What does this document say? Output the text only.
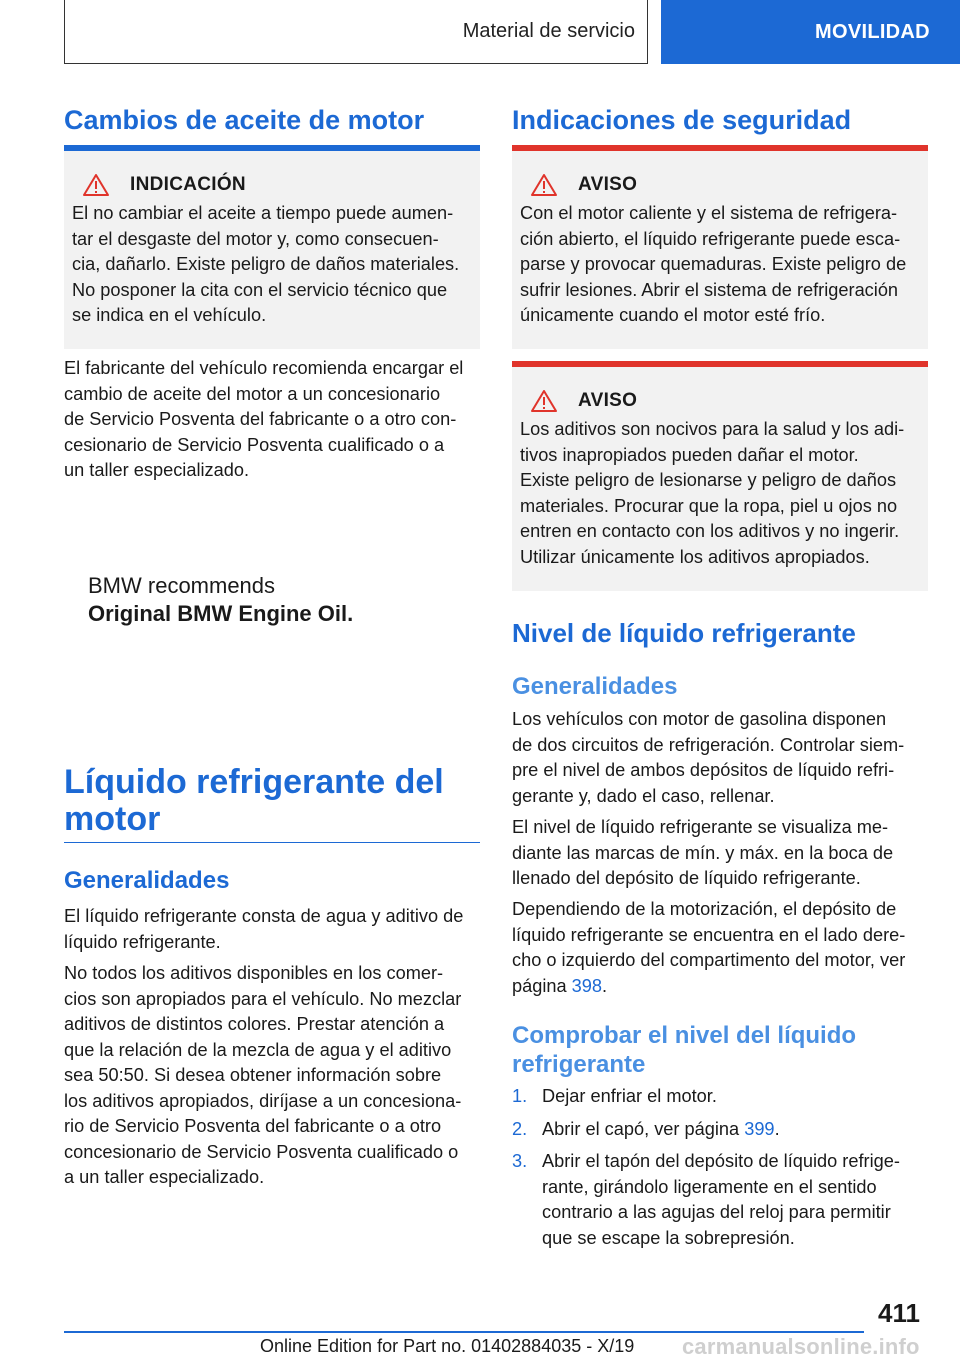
Material de servicio	MOVILIDAD
Cambios de aceite de motor
INDICACIÓN

El no cambiar el aceite a tiempo puede aumen-

tar el desgaste del motor y, como consecuen-

cia, dañarlo. Existe peligro de daños materiales.

No posponer la cita con el servicio técnico que

se indica en el vehículo.

El fabricante del vehículo recomienda encargar el

cambio de aceite del motor a un concesionario

de Servicio Posventa del fabricante o a otro con-

cesionario de Servicio Posventa cualificado o a

un taller especializado.

Líquido refrigerante del
motor
Generalidades

El líquido refrigerante consta de agua y aditivo de

líquido refrigerante.

No todos los aditivos disponibles en los comer-

cios son apropiados para el vehículo. No mezclar

aditivos de distintos colores. Prestar atención a

que la relación de la mezcla de agua y el aditivo

sea 50:50. Si desea obtener información sobre

los aditivos apropiados, diríjase a un concesiona-

rio de Servicio Posventa del fabricante o a otro

concesionario de Servicio Posventa cualificado o

a un taller especializado.

BMW recommends
Original BMW Engine Oil.
Indicaciones de seguridad
AVISO

Con el motor caliente y el sistema de refrigera-

ción abierto, el líquido refrigerante puede esca-

parse y provocar quemaduras. Existe peligro de

sufrir lesiones. Abrir el sistema de refrigeración

únicamente cuando el motor esté frío.

AVISO

Los aditivos son nocivos para la salud y los adi-

tivos inapropiados pueden dañar el motor.

Existe peligro de lesionarse y peligro de daños

materiales. Procurar que la ropa, piel u ojos no

entren en contacto con los aditivos y no ingerir.

Utilizar únicamente los aditivos apropiados.

Nivel de líquido refrigerante
Generalidades

Los vehículos con motor de gasolina disponen

de dos circuitos de refrigeración. Controlar siem-

pre el nivel de ambos depósitos de líquido refri-

gerante y, dado el caso, rellenar.

El nivel de líquido refrigerante se visualiza me-

diante las marcas de mín. y máx. en la boca de

llenado del depósito de líquido refrigerante.

Dependiendo de la motorización, el depósito de

líquido refrigerante se encuentra en el lado dere-

cho o izquierdo del compartimento del motor, ver

página 398.

Comprobar el nivel del líquido
refrigerante
1. Dejar enfriar el motor.
2. Abrir el capó, ver página 399.
3. Abrir el tapón del depósito de líquido refrige-
rante, girándolo ligeramente en el sentido
contrario a las agujas del reloj para permitir
que se escape la sobrepresión.
411
Online Edition for Part no. 01402884035 - X/19 carmanualsonline.info
